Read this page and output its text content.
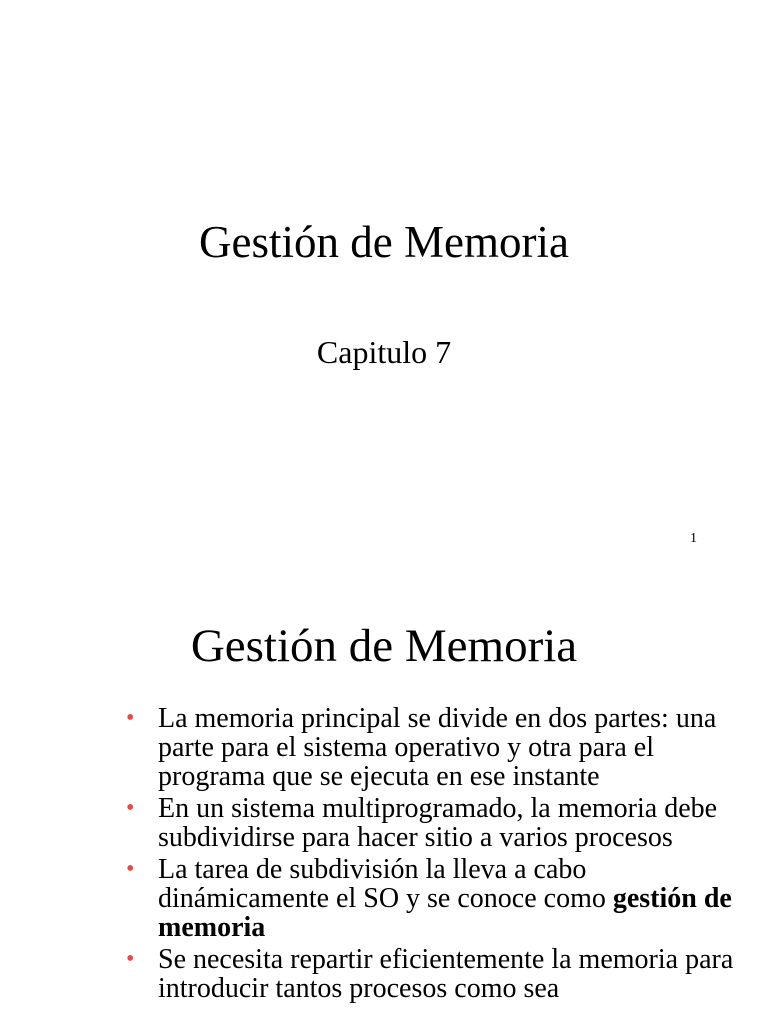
Gestión de Memoria
Capitulo 7
1
Gestión de Memoria
• La memoria principal se divide en dos partes: una parte para el sistema operativo y otra para el programa que se ejecuta en ese instante
• En un sistema multiprogramado, la memoria debe subdividirse para hacer sitio a varios procesos
• La tarea de subdivisión la lleva a cabo dinámicamente el SO y se conoce como gestión de memoria
• Se necesita repartir eficientemente la memoria para introducir tantos procesos como sea
